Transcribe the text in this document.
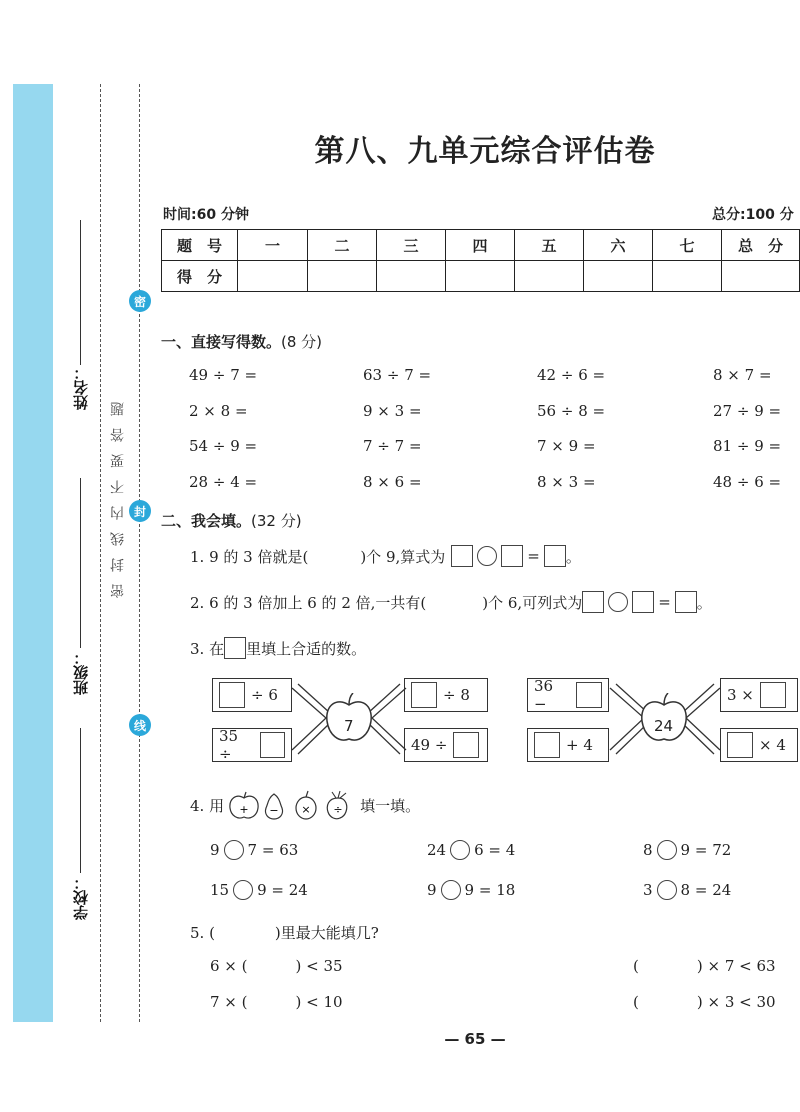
学校：
班级：
姓名：
密封线内不要答题
密
封
线
第八、九单元综合评估卷
时间:60 分钟	总分:100 分
题　号	一	二	三	四	五	六	七	总　分
得　分								
一、直接写得数。(8 分)
49 ÷ 7 =	63 ÷ 7 =	42 ÷ 6 =	8 × 7 =
2 × 8 =	9 × 3 =	56 ÷ 8 =	27 ÷ 9 =
54 ÷ 9 =	7 ÷ 7 =	7 × 9 =	81 ÷ 9 =
28 ÷ 4 =	8 × 6 =	8 × 3 =	48 ÷ 6 =
二、我会填。(32 分)
1. 9 的 3 倍就是(	)个 9,算式为	= 。
2. 6 的 3 倍加上 6 的 2 倍,一共有(	)个 6,可列式为	= 。
3. 在 里填上合适的数。
7
÷ 6
35 ÷
÷ 8
49 ÷
24
36 −
+ 4
3 ×
× 4
4. 用 + − × ÷ 填一填。
9 7 = 63	24 6 = 4	8 9 = 72
15 9 = 24	9 9 = 18	3 8 = 24
5. (　　　　)里最大能填几?
6 × (	) < 35	(	) × 7 < 63
7 × (	) < 10	(	) × 3 < 30
— 65 —
